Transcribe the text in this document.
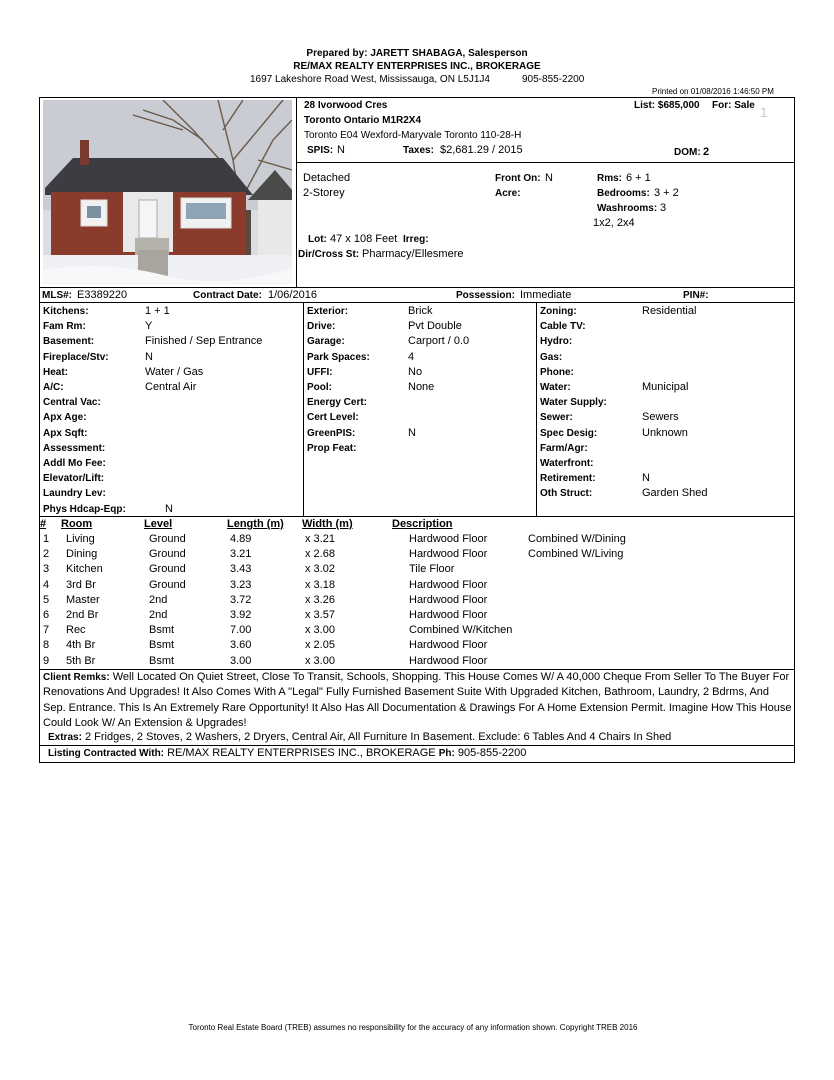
Prepared by: JARETT SHABAGA, Salesperson
RE/MAX REALTY ENTERPRISES INC., BROKERAGE
1697 Lakeshore Road West, Mississauga, ON L5J1J4	905-855-2200
Printed on 01/08/2016 1:46:50 PM
28 Ivorwood Cres
Toronto Ontario M1R2X4
Toronto E04 Wexford-Maryvale Toronto 110-28-H
SPIS: N	Taxes: $2,681.29 / 2015
List: $685,000 For: Sale 1
DOM: 2
Detached
2-Storey
Front On: N
Acre:
Rms: 6 + 1
Bedrooms: 3 + 2
Washrooms: 3
1x2, 2x4
Lot: 47 x 108 Feet Irreg:
Dir/Cross St: Pharmacy/Ellesmere
MLS#: E3389220	Contract Date: 1/06/2016	Possession: Immediate	PIN#:
Kitchens:	1 + 1
Fam Rm:	Y
Basement:	Finished / Sep Entrance
Fireplace/Stv:	N
Heat:	Water / Gas
A/C:	Central Air
Central Vac:
Apx Age:
Apx Sqft:
Assessment:
Addl Mo Fee:
Elevator/Lift:
Laundry Lev:
Phys Hdcap-Eqp:	N
Exterior:	Brick
Drive:	Pvt Double
Garage:	Carport / 0.0
Park Spaces:	4
UFFI:	No
Pool:	None
Energy Cert:
Cert Level:
GreenPIS:	N
Prop Feat:
Zoning:	Residential
Cable TV:
Hydro:
Gas:
Phone:
Water:	Municipal
Water Supply:
Sewer:	Sewers
Spec Desig:	Unknown
Farm/Agr:
Waterfront:
Retirement:	N
Oth Struct:	Garden Shed
# Room	Level	Length (m) Width (m)	Description
1 Living	Ground	4.89	x 3.21	Hardwood Floor	Combined W/Dining
2 Dining	Ground	3.21	x 2.68	Hardwood Floor	Combined W/Living
3 Kitchen	Ground	3.43	x 3.02	Tile Floor
4 3rd Br	Ground	3.23	x 3.18	Hardwood Floor
5 Master	2nd	3.72	x 3.26	Hardwood Floor
6 2nd Br	2nd	3.92	x 3.57	Hardwood Floor
7 Rec	Bsmt	7.00	x 3.00	Combined W/Kitchen
8 4th Br	Bsmt	3.60	x 2.05	Hardwood Floor
9 5th Br	Bsmt	3.00	x 3.00	Hardwood Floor
Client Remks: Well Located On Quiet Street, Close To Transit, Schools, Shopping. This House Comes W/ A 40,000 Cheque From Seller To The Buyer For Renovations And Upgrades! It Also Comes With A "Legal" Fully Furnished Basement Suite With Upgraded Kitchen, Bathroom, Laundry, 2 Bdrms, And Sep. Entrance. This Is An Extremely Rare Opportunity! It Also Has All Documentation & Drawings For A Home Extension Permit. Imagine How This House Could Look W/ An Extension & Upgrades!
Extras: 2 Fridges, 2 Stoves, 2 Washers, 2 Dryers, Central Air, All Furniture In Basement. Exclude: 6 Tables And 4 Chairs In Shed
Listing Contracted With: RE/MAX REALTY ENTERPRISES INC., BROKERAGE Ph: 905-855-2200
Toronto Real Estate Board (TREB) assumes no responsibility for the accuracy of any information shown. Copyright TREB 2016
